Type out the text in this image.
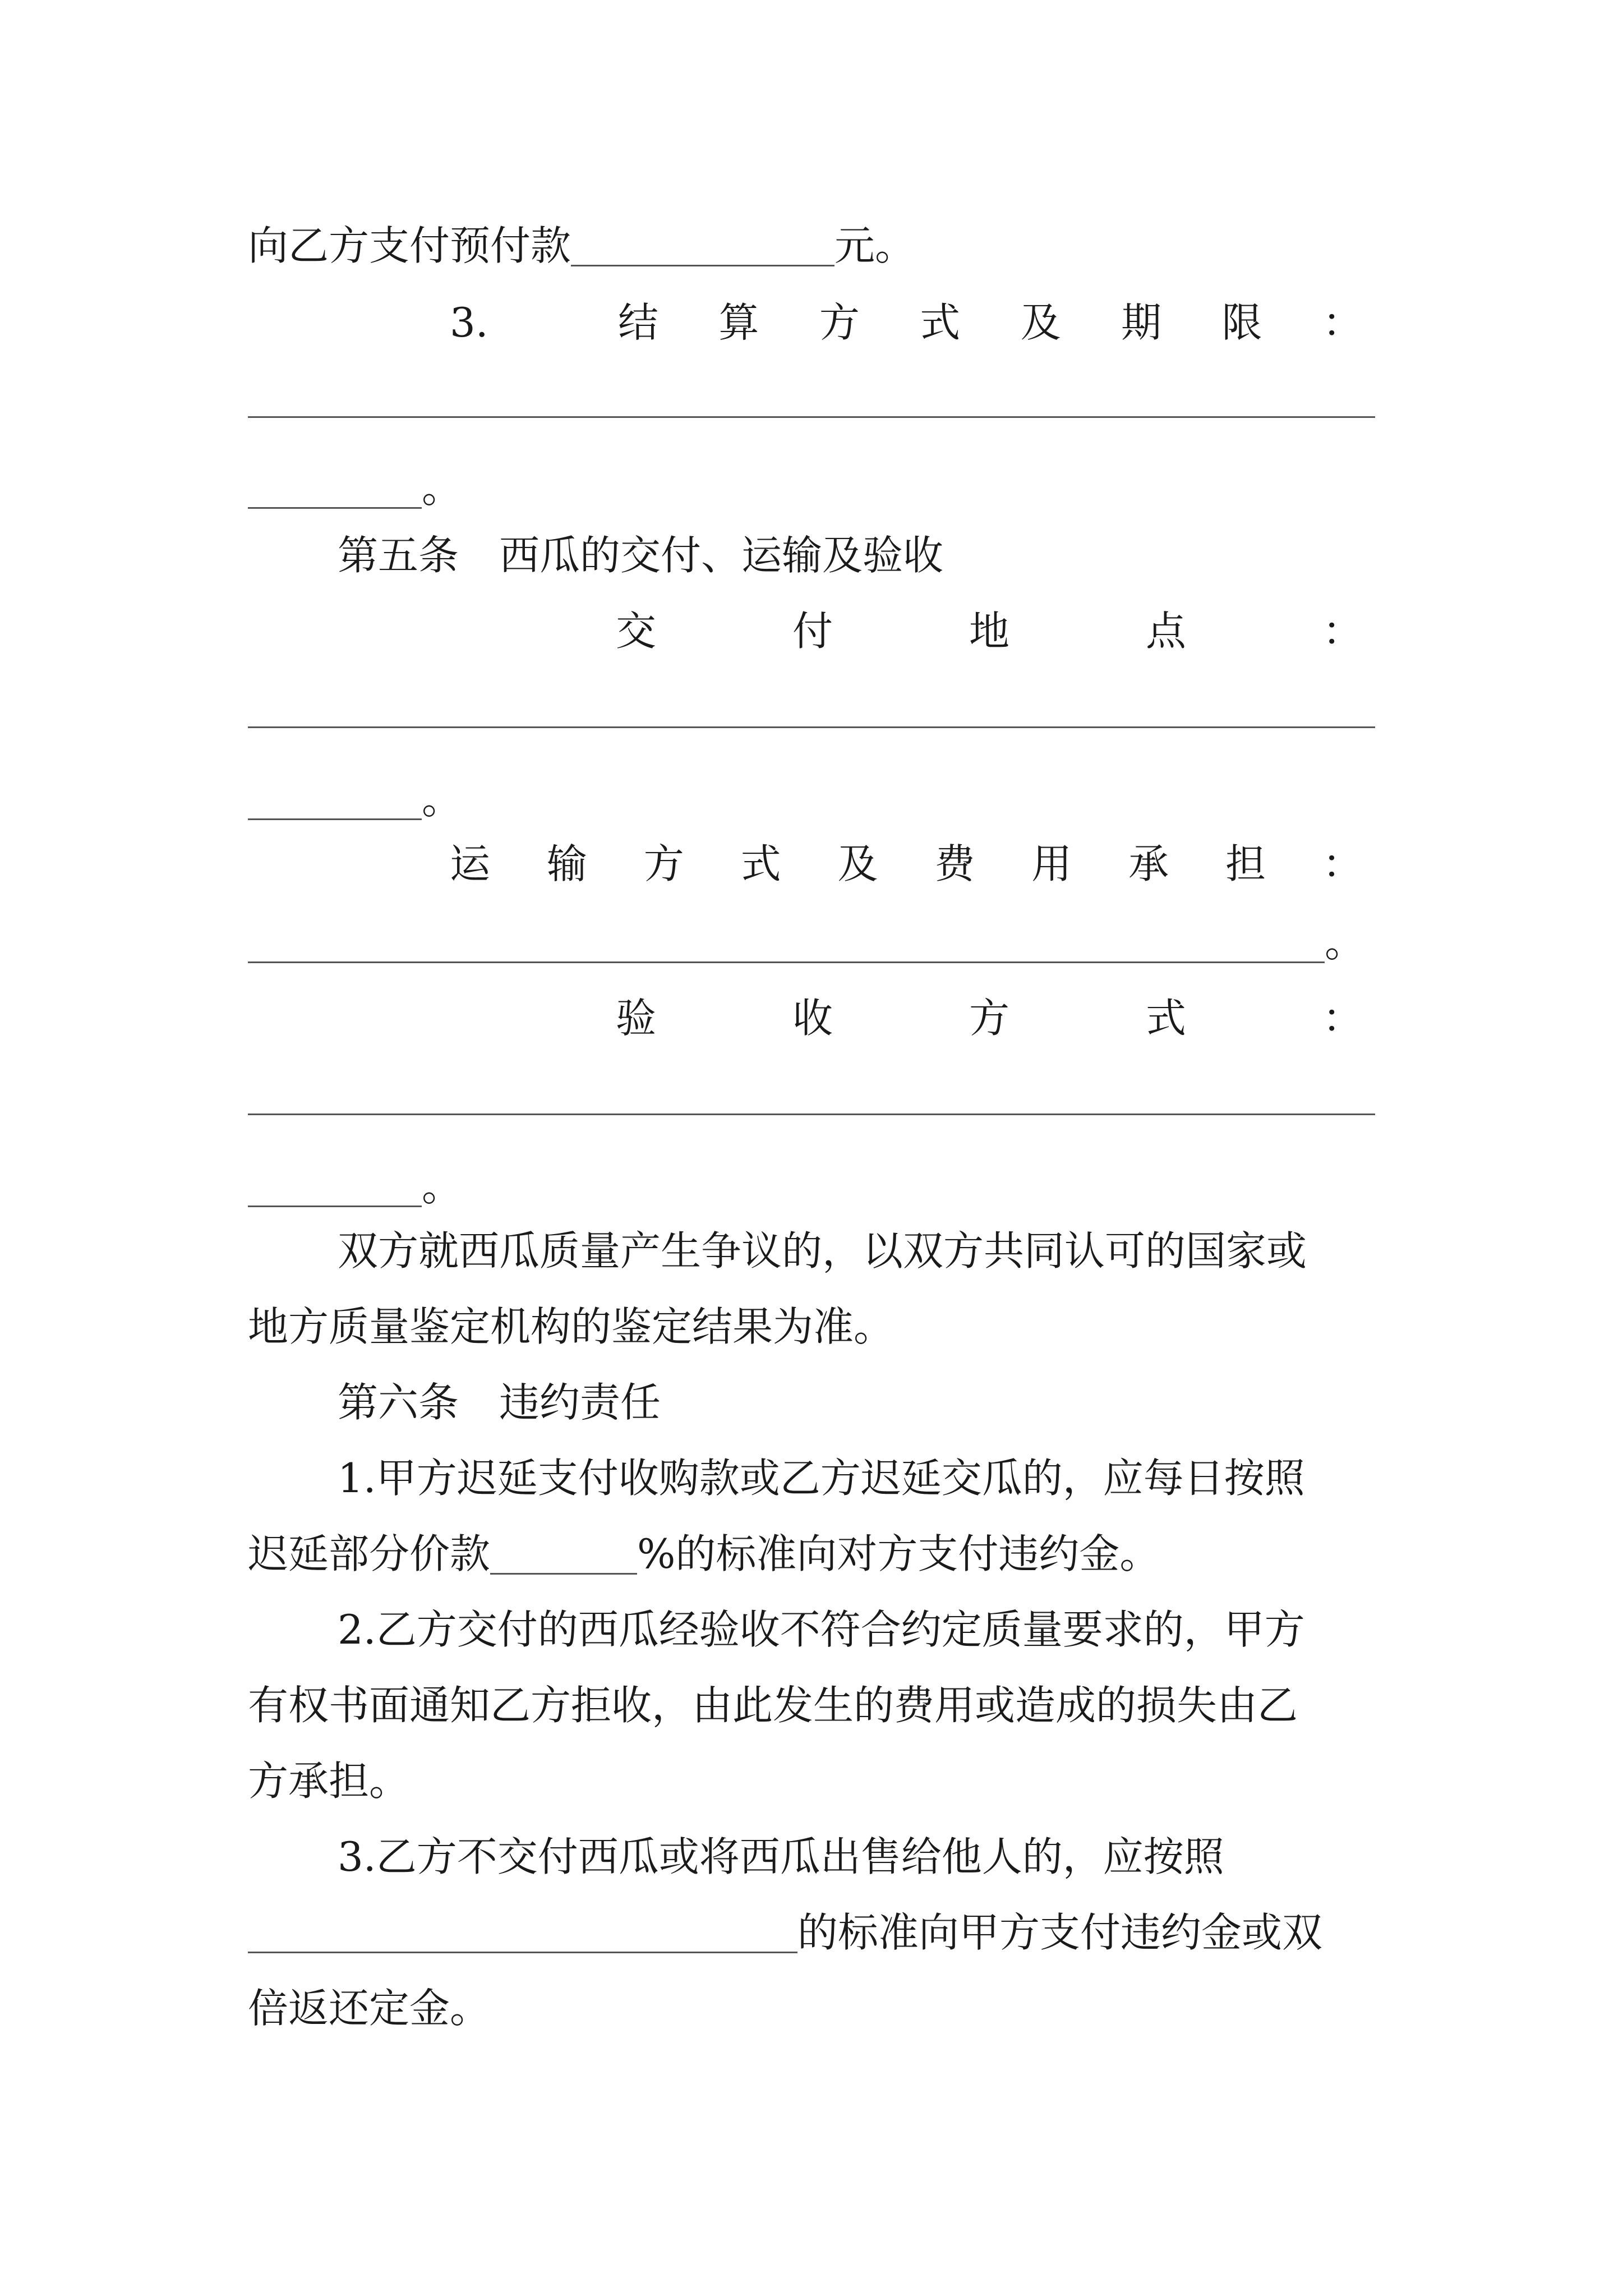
向乙方支付预付款	元。
3.	结 算 方 式 及 期 限 ：
。
第五条　西瓜的交付、运输及验收
交	付	地	点	：
。
运 输 方 式 及 费 用 承 担 ：
。
验	收	方	式	：
。
双方就西瓜质量产生争议的，以双方共同认可的国家或
地方质量鉴定机构的鉴定结果为准。
第六条　违约责任
1.甲方迟延支付收购款或乙方迟延交瓜的，应每日按照
迟延部分价款	%的标准向对方支付违约金。
2.乙方交付的西瓜经验收不符合约定质量要求的，甲方
有权书面通知乙方拒收，由此发生的费用或造成的损失由乙
方承担。
3.乙方不交付西瓜或将西瓜出售给他人的，应按照
的标准向甲方支付违约金或双
倍返还定金。
